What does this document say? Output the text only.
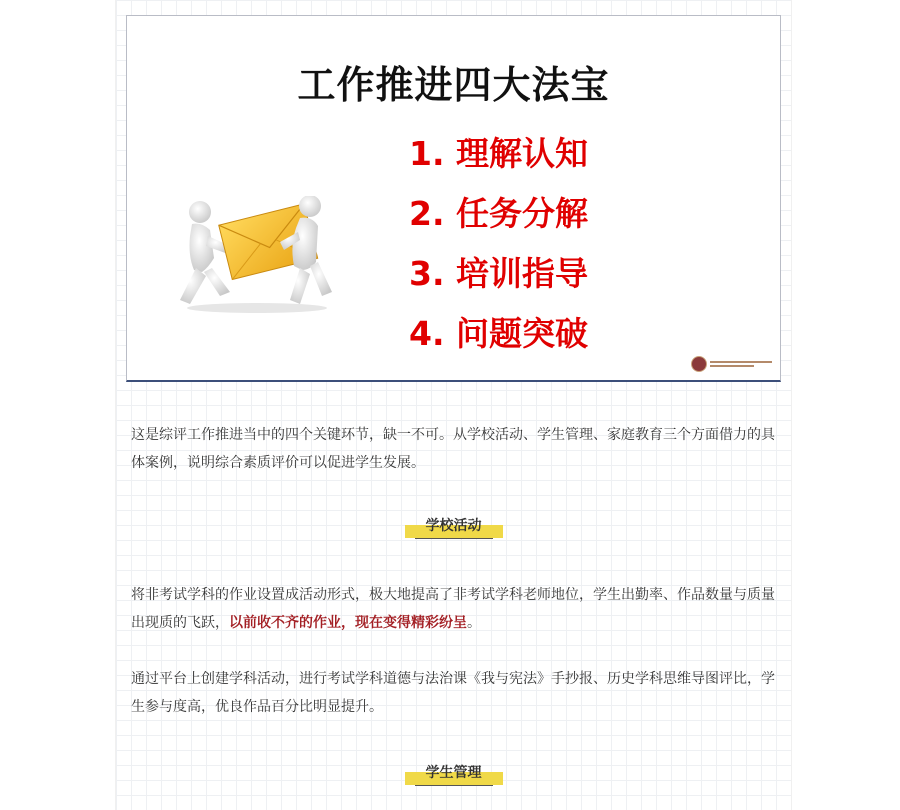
工作推进四大法宝
1. 理解认知
2. 任务分解
3. 培训指导
4. 问题突破

这是综评工作推进当中的四个关键环节，缺一不可。从学校活动、学生管理、家庭教育三个方面借力的具体案例，说明综合素质评价可以促进学生发展。

学校活动

将非考试学科的作业设置成活动形式，极大地提高了非考试学科老师地位，学生出勤率、作品数量与质量出现质的飞跃，以前收不齐的作业，现在变得精彩纷呈。

通过平台上创建学科活动，进行考试学科道德与法治课《我与宪法》手抄报、历史学科思维导图评比，学生参与度高，优良作品百分比明显提升。

学生管理
